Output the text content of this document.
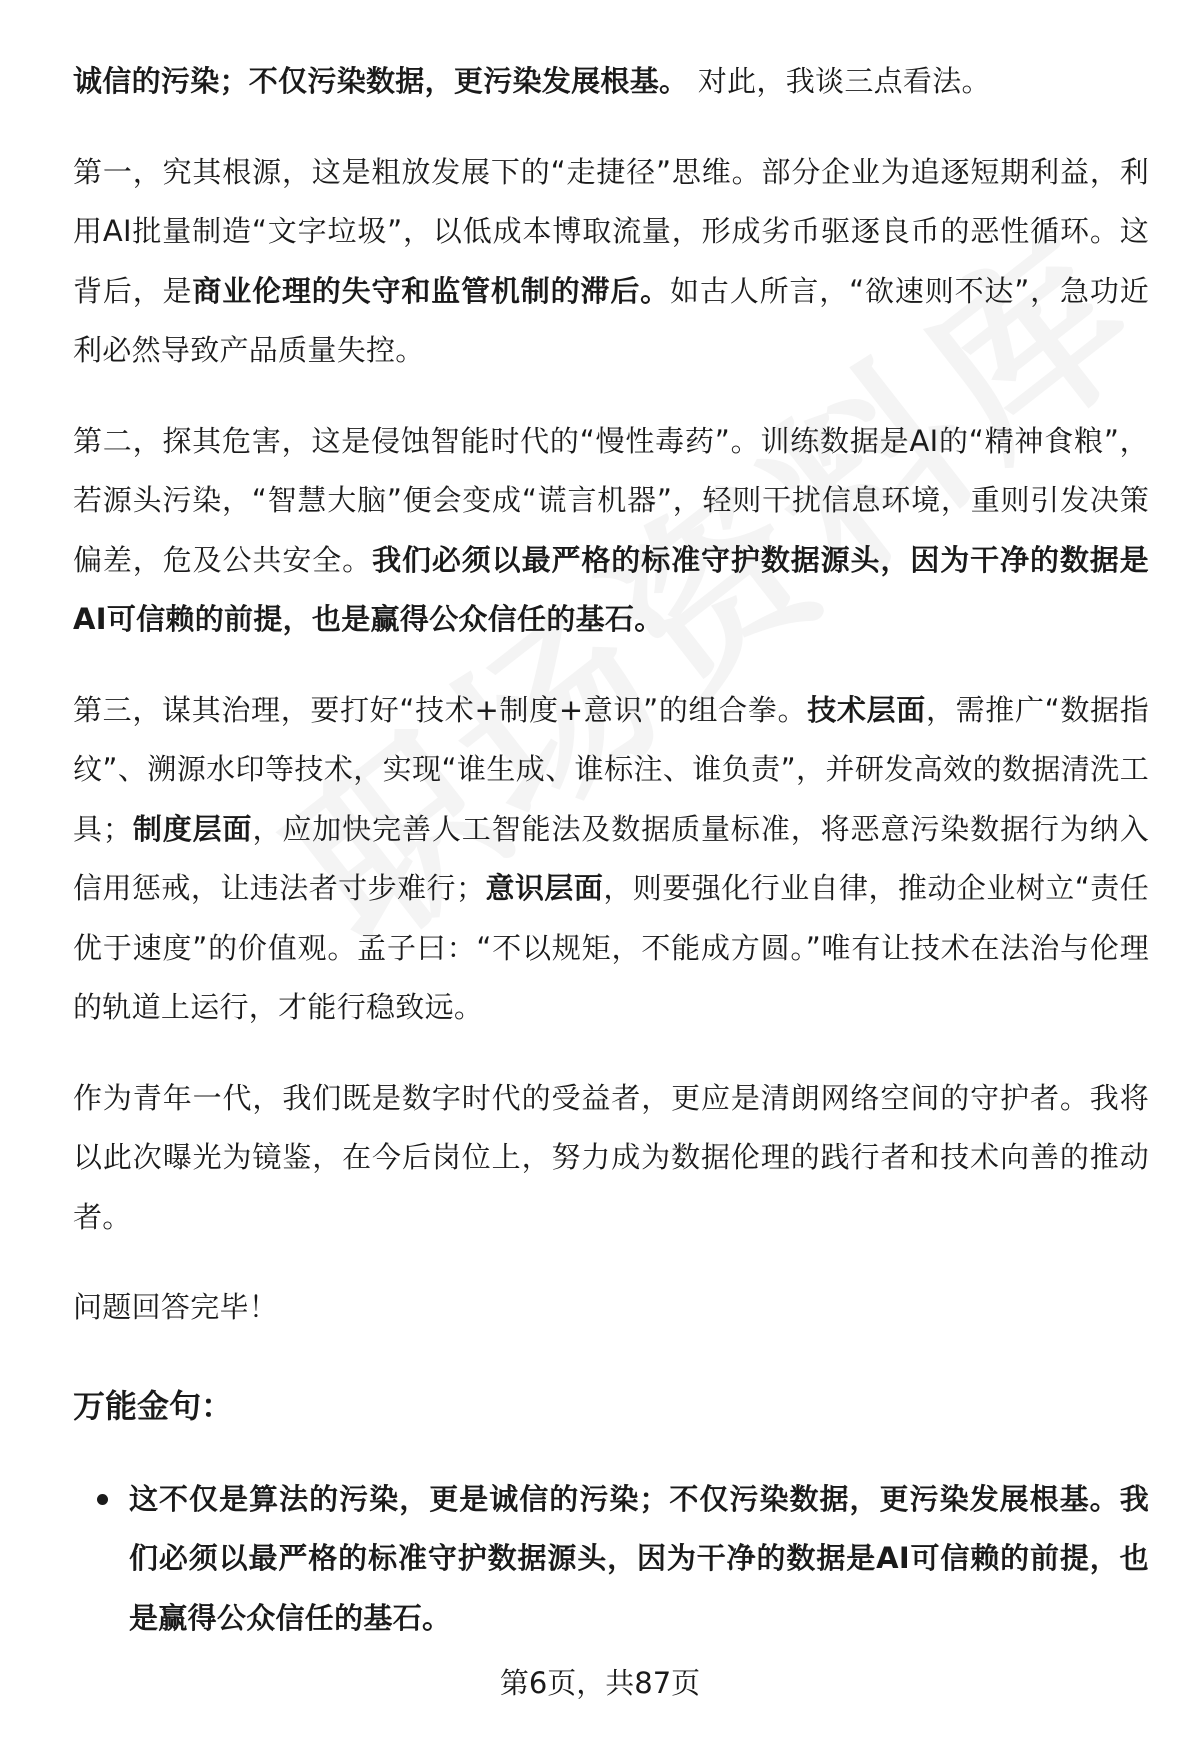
诚信的污染；不仅污染数据，更污染发展根基。 对此，我谈三点看法。

第一，究其根源，这是粗放发展下的“走捷径”思维。部分企业为追逐短期利益，利用AI批量制造“文字垃圾”，以低成本博取流量，形成劣币驱逐良币的恶性循环。这背后，是商业伦理的失守和监管机制的滞后。如古人所言，“欲速则不达”，急功近利必然导致产品质量失控。

第二，探其危害，这是侵蚀智能时代的“慢性毒药”。训练数据是AI的“精神食粮”，若源头污染，“智慧大脑”便会变成“谎言机器”，轻则干扰信息环境，重则引发决策偏差，危及公共安全。我们必须以最严格的标准守护数据源头，因为干净的数据是AI可信赖的前提，也是赢得公众信任的基石。

第三，谋其治理，要打好“技术+制度+意识”的组合拳。技术层面，需推广“数据指纹”、溯源水印等技术，实现“谁生成、谁标注、谁负责”，并研发高效的数据清洗工具；制度层面，应加快完善人工智能法及数据质量标准，将恶意污染数据行为纳入信用惩戒，让违法者寸步难行；意识层面，则要强化行业自律，推动企业树立“责任优于速度”的价值观。孟子曰：“不以规矩，不能成方圆。”唯有让技术在法治与伦理的轨道上运行，才能行稳致远。

作为青年一代，我们既是数字时代的受益者，更应是清朗网络空间的守护者。我将以此次曝光为镜鉴，在今后岗位上，努力成为数据伦理的践行者和技术向善的推动者。

问题回答完毕！

万能金句：
这不仅是算法的污染，更是诚信的污染；不仅污染数据，更污染发展根基。我们必须以最严格的标准守护数据源头，因为干净的数据是AI可信赖的前提，也是赢得公众信任的基石。
第6页，共87页
